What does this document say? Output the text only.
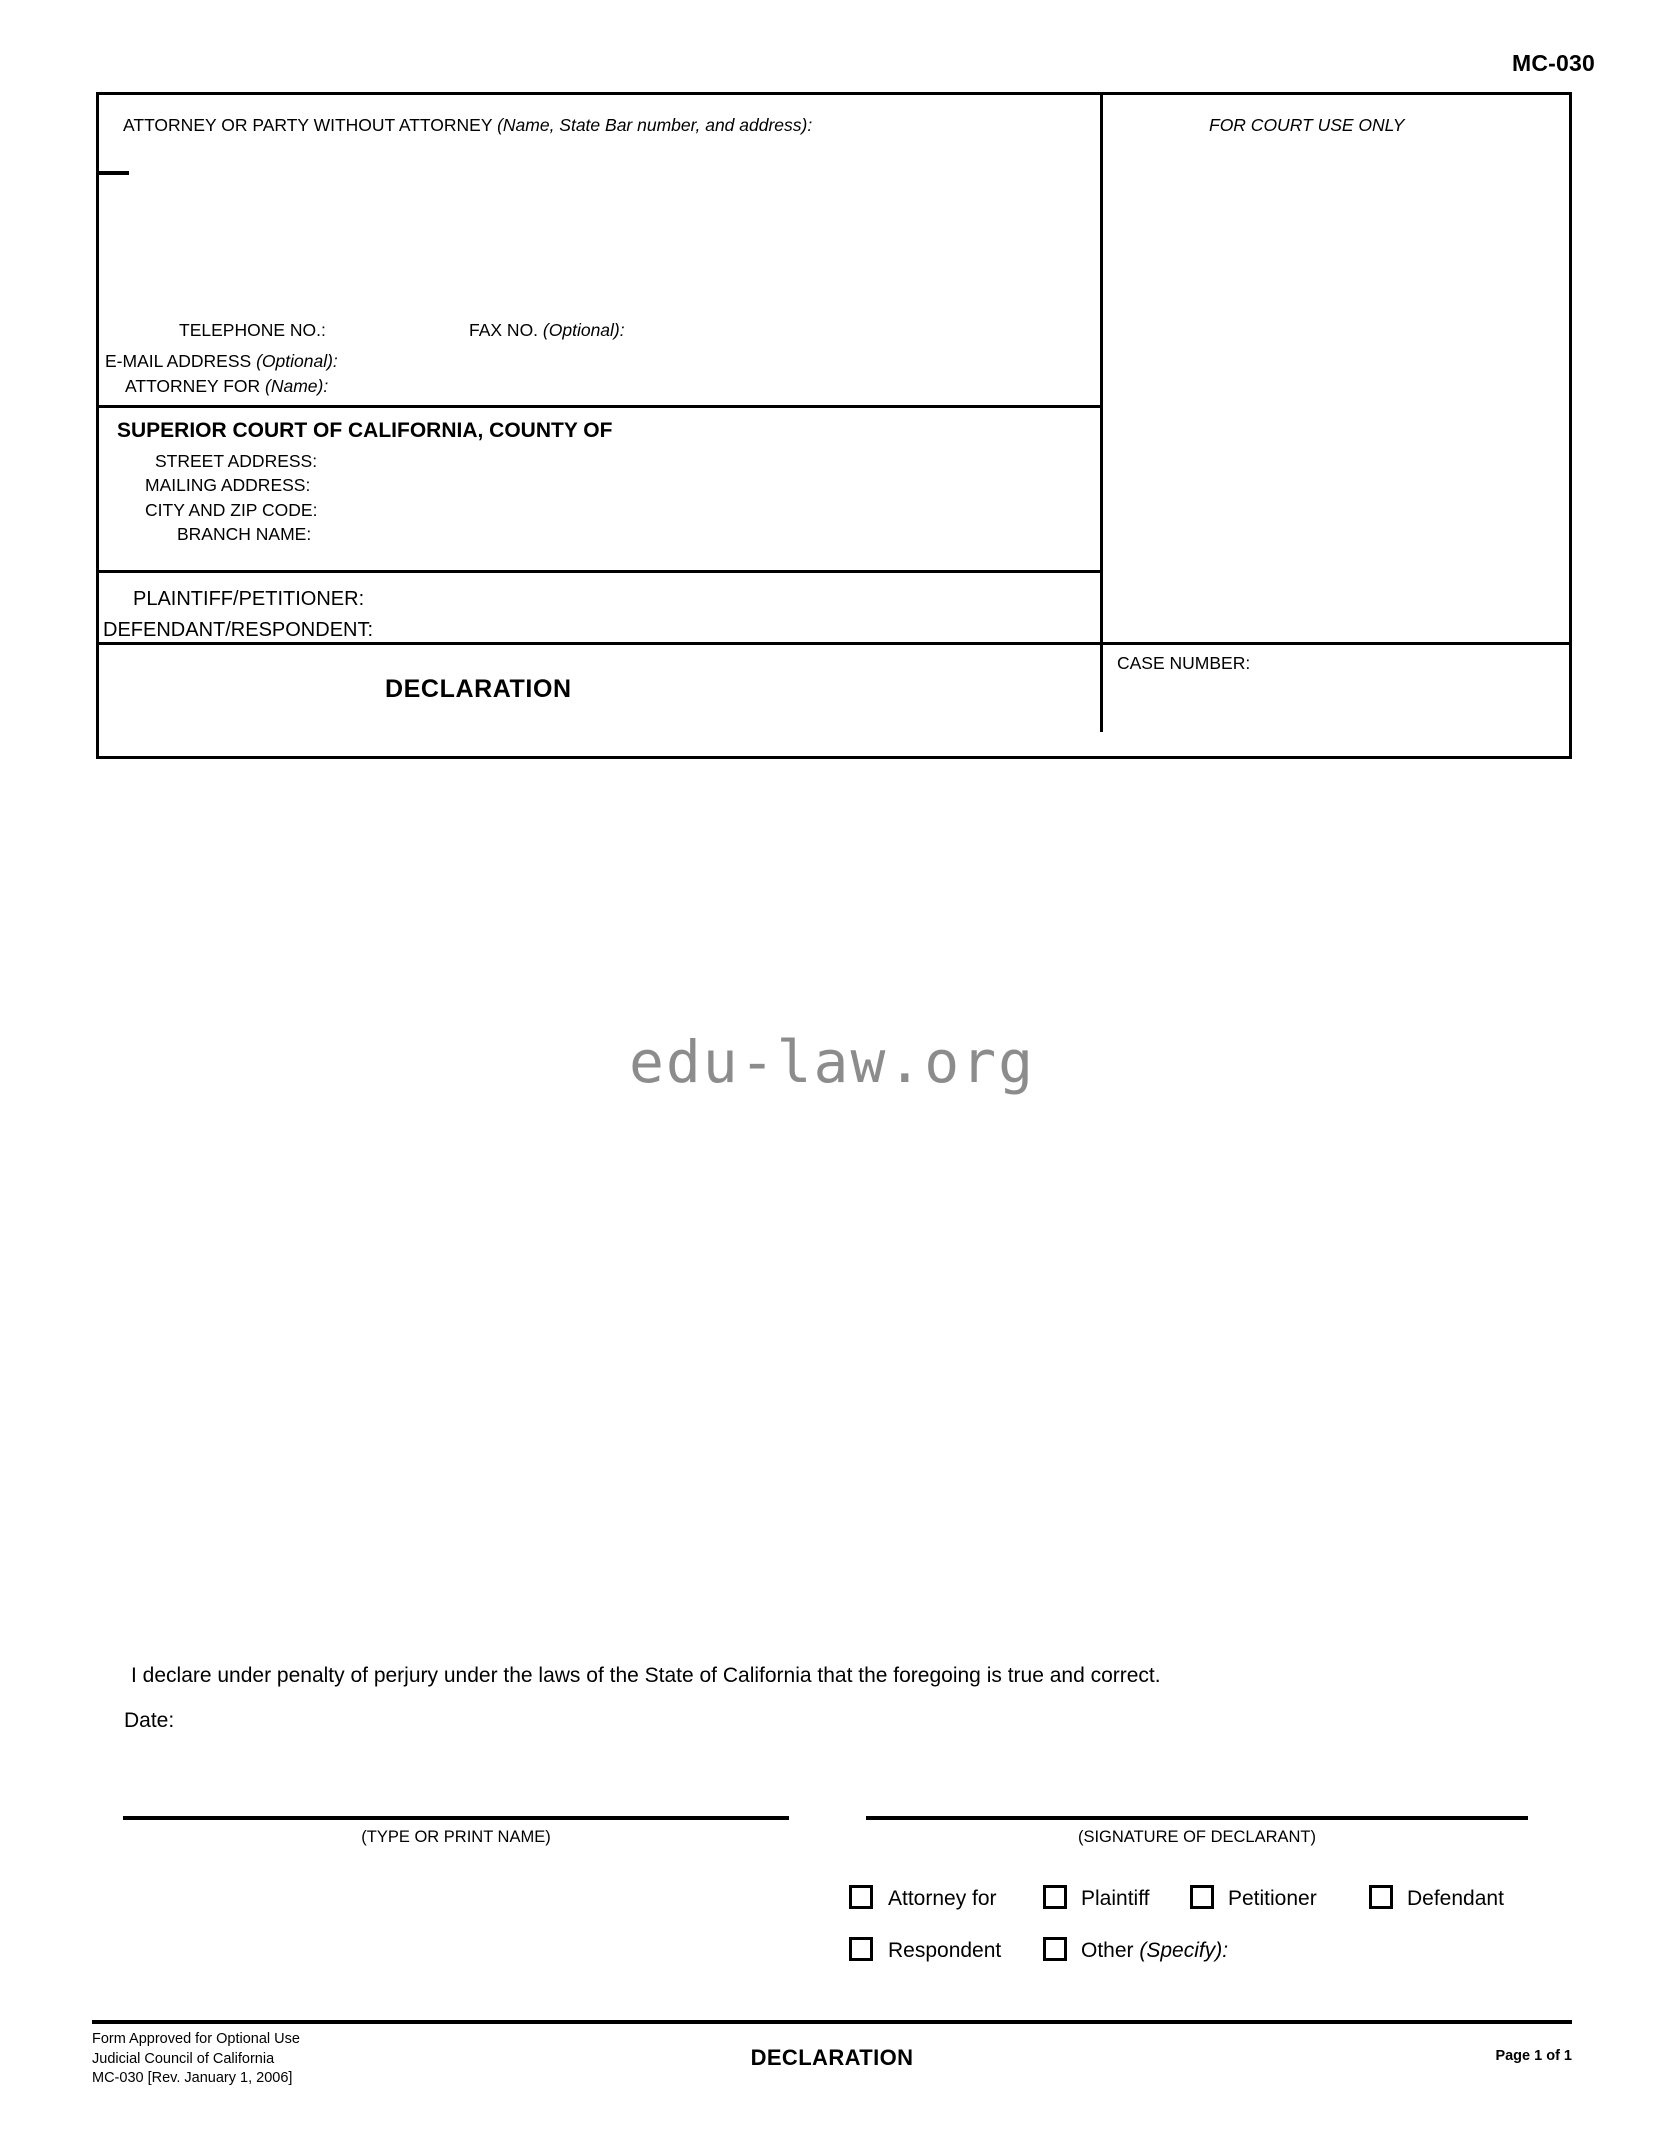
MC-030
ATTORNEY OR PARTY WITHOUT ATTORNEY (Name, State Bar number, and address):
TELEPHONE NO.:	FAX NO. (Optional):
E-MAIL ADDRESS (Optional):
ATTORNEY FOR (Name):
FOR COURT USE ONLY
SUPERIOR COURT OF CALIFORNIA, COUNTY OF
STREET ADDRESS:
MAILING ADDRESS:
CITY AND ZIP CODE:
BRANCH NAME:
PLAINTIFF/PETITIONER:
DEFENDANT/RESPONDENT:
DECLARATION
CASE NUMBER:
edu-law.org
I declare under penalty of perjury under the laws of the State of California that the foregoing is true and correct.
Date:
(TYPE OR PRINT NAME)	(SIGNATURE OF DECLARANT)
Attorney for	Plaintiff	Petitioner	Defendant
Respondent	Other (Specify):
Form Approved for Optional Use
Judicial Council of California
MC-030 [Rev. January 1, 2006]
DECLARATION	Page 1 of 1
